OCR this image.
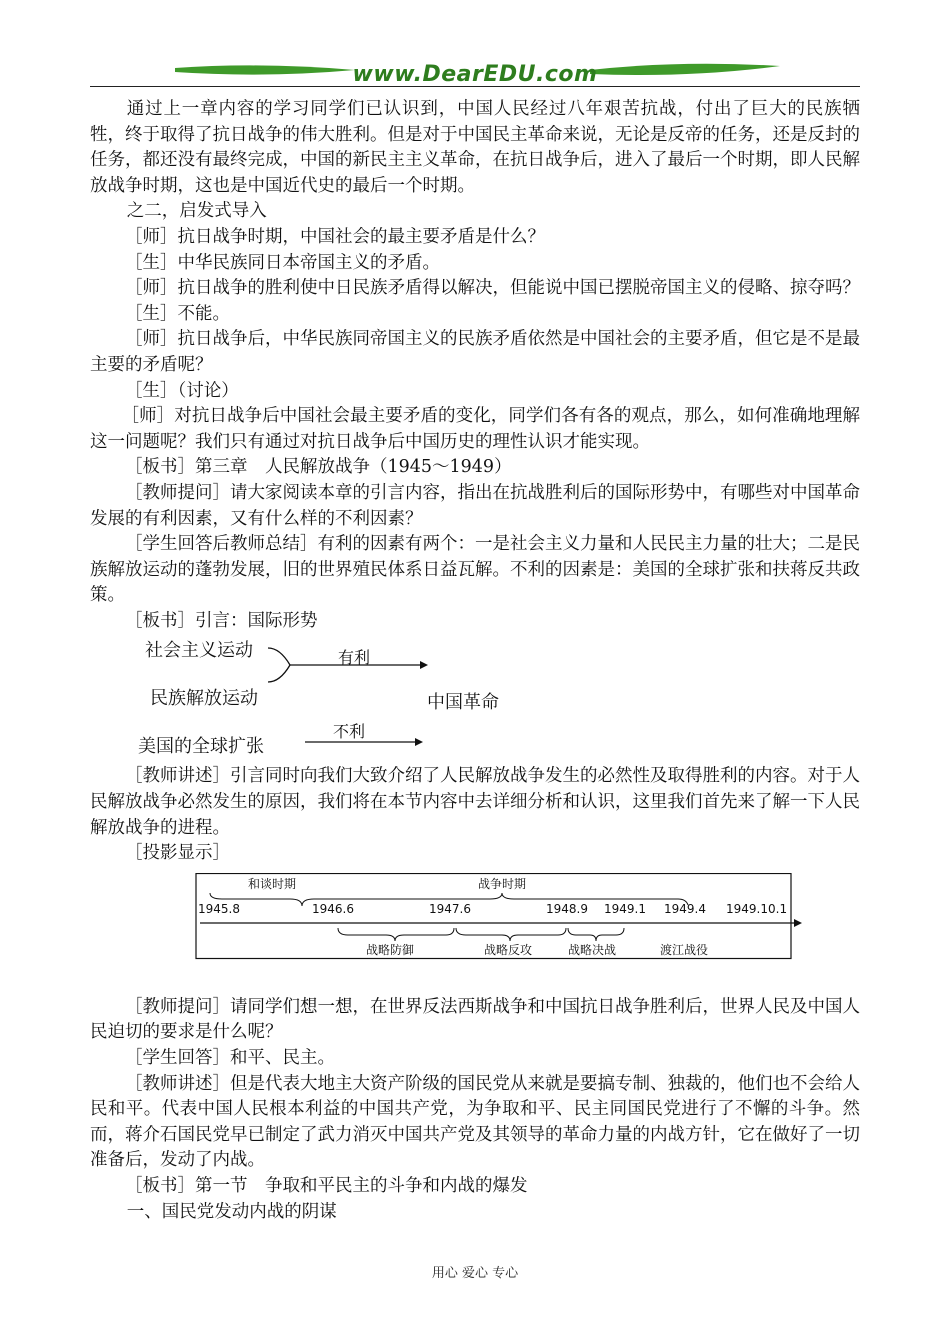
www.DearEDU.com

通过上一章内容的学习同学们已认识到，中国人民经过八年艰苦抗战，付出了巨大的民族牺牲，终于取得了抗日战争的伟大胜利。但是对于中国民主革命来说，无论是反帝的任务，还是反封的任务，都还没有最终完成，中国的新民主主义革命，在抗日战争后，进入了最后一个时期，即人民解放战争时期，这也是中国近代史的最后一个时期。

之二，启发式导入

［师］抗日战争时期，中国社会的最主要矛盾是什么？

［生］中华民族同日本帝国主义的矛盾。

［师］抗日战争的胜利使中日民族矛盾得以解决，但能说中国已摆脱帝国主义的侵略、掠夺吗？

［生］不能。

［师］抗日战争后，中华民族同帝国主义的民族矛盾依然是中国社会的主要矛盾，但它是不是最主要的矛盾呢？

［生］（讨论）

［师］对抗日战争后中国社会最主要矛盾的变化，同学们各有各的观点，那么，如何准确地理解这一问题呢？我们只有通过对抗日战争后中国历史的理性认识才能实现。

［板书］第三章　人民解放战争（1945～1949）

［教师提问］请大家阅读本章的引言内容，指出在抗战胜利后的国际形势中，有哪些对中国革命发展的有利因素，又有什么样的不利因素？

［学生回答后教师总结］有利的因素有两个：一是社会主义力量和人民民主力量的壮大；二是民族解放运动的蓬勃发展，旧的世界殖民体系日益瓦解。不利的因素是：美国的全球扩张和扶蒋反共政策。

［板书］引言：国际形势

社会主义运动
民族解放运动
有利
中国革命
美国的全球扩张
不利

［教师讲述］引言同时向我们大致介绍了人民解放战争发生的必然性及取得胜利的内容。对于人民解放战争必然发生的原因，我们将在本节内容中去详细分析和认识，这里我们首先来了解一下人民解放战争的进程。

［投影显示］

和谈时期	战争时期
1945.8	1946.6	1947.6	1948.9 1949.1 1949.4 1949.10.1
战略防御	战略反攻	战略决战	渡江战役

［教师提问］请同学们想一想，在世界反法西斯战争和中国抗日战争胜利后，世界人民及中国人民迫切的要求是什么呢？

［学生回答］和平、民主。

［教师讲述］但是代表大地主大资产阶级的国民党从来就是要搞专制、独裁的，他们也不会给人民和平。代表中国人民根本利益的中国共产党，为争取和平、民主同国民党进行了不懈的斗争。然而，蒋介石国民党早已制定了武力消灭中国共产党及其领导的革命力量的内战方针，它在做好了一切准备后，发动了内战。

［板书］第一节　争取和平民主的斗争和内战的爆发

一、国民党发动内战的阴谋

用心 爱心 专心
